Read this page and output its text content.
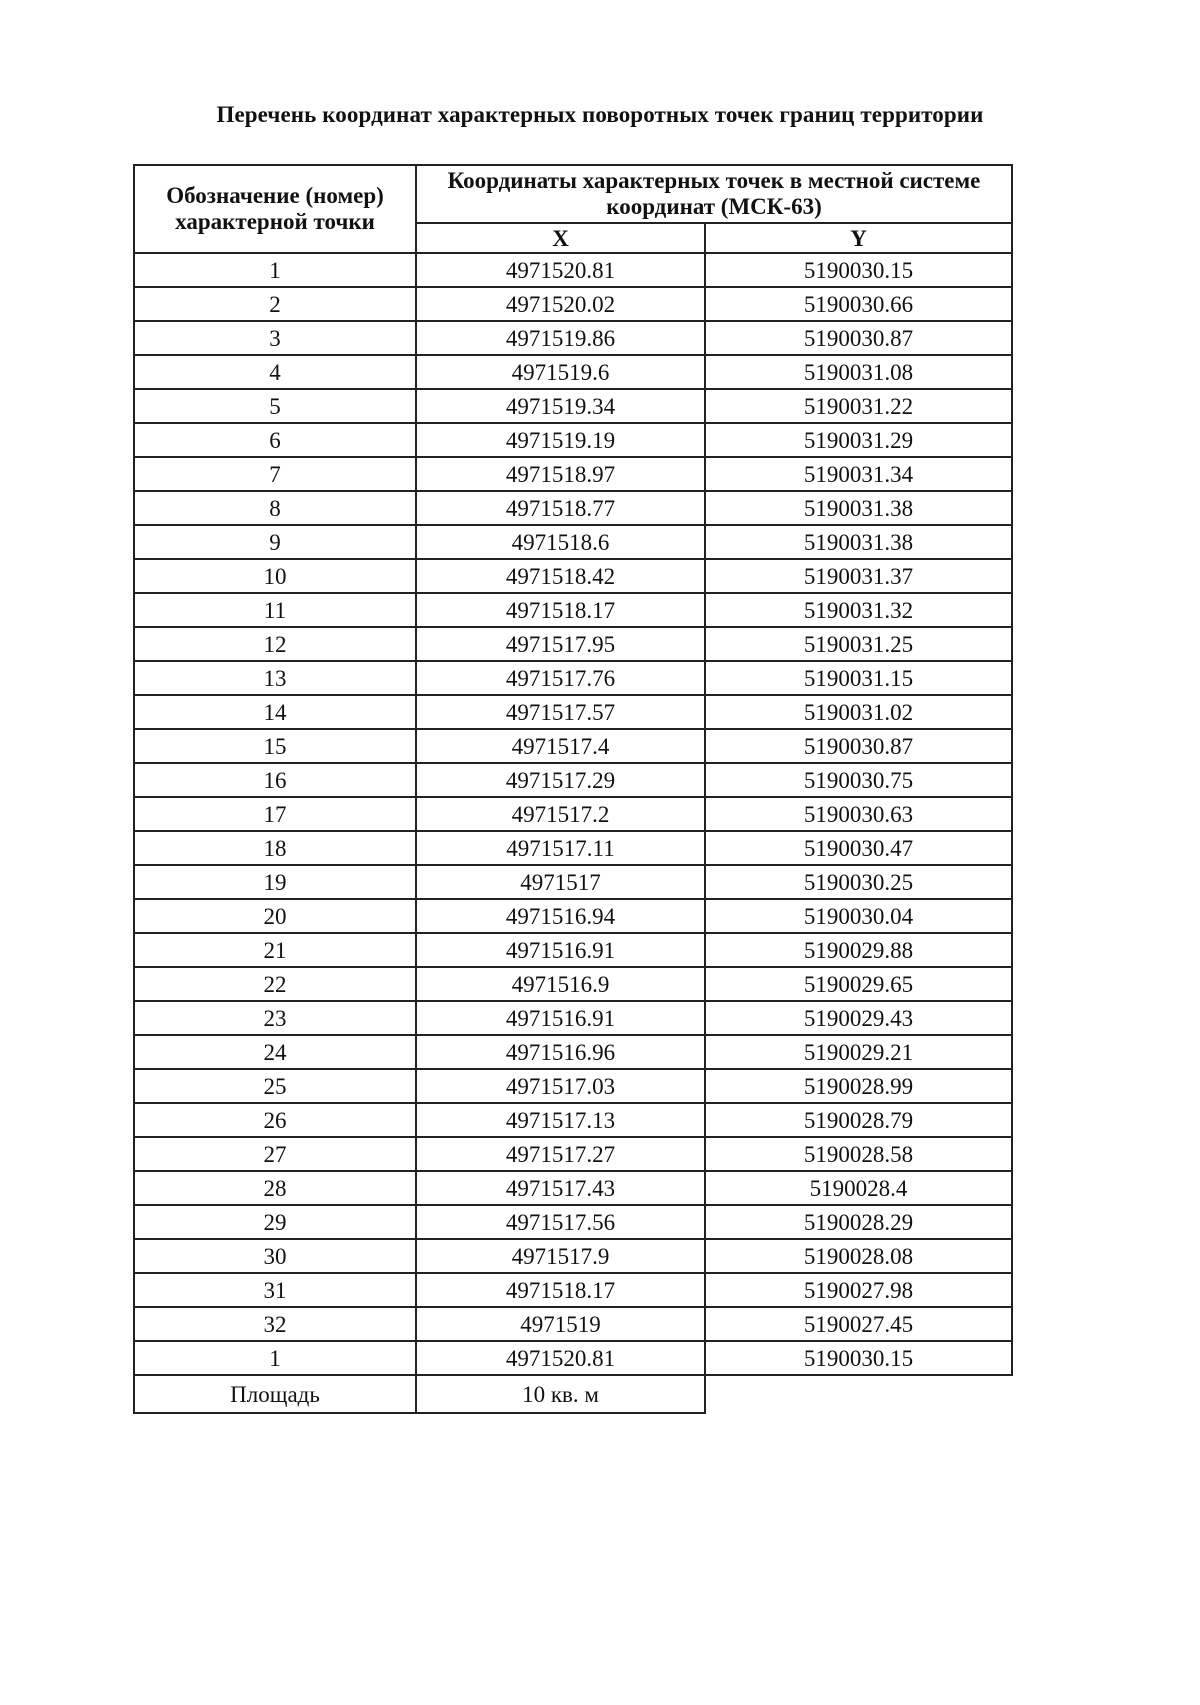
Перечень координат характерных поворотных точек границ территории
Обозначение (номер) характерной точки	Координаты характерных точек в местной системе координат (МСК-63)	
	X	Y
1	4971520.81	5190030.15
2	4971520.02	5190030.66
3	4971519.86	5190030.87
4	4971519.6	5190031.08
5	4971519.34	5190031.22
6	4971519.19	5190031.29
7	4971518.97	5190031.34
8	4971518.77	5190031.38
9	4971518.6	5190031.38
10	4971518.42	5190031.37
11	4971518.17	5190031.32
12	4971517.95	5190031.25
13	4971517.76	5190031.15
14	4971517.57	5190031.02
15	4971517.4	5190030.87
16	4971517.29	5190030.75
17	4971517.2	5190030.63
18	4971517.11	5190030.47
19	4971517	5190030.25
20	4971516.94	5190030.04
21	4971516.91	5190029.88
22	4971516.9	5190029.65
23	4971516.91	5190029.43
24	4971516.96	5190029.21
25	4971517.03	5190028.99
26	4971517.13	5190028.79
27	4971517.27	5190028.58
28	4971517.43	5190028.4
29	4971517.56	5190028.29
30	4971517.9	5190028.08
31	4971518.17	5190027.98
32	4971519	5190027.45
1	4971520.81	5190030.15
Площадь	10 кв. м	
